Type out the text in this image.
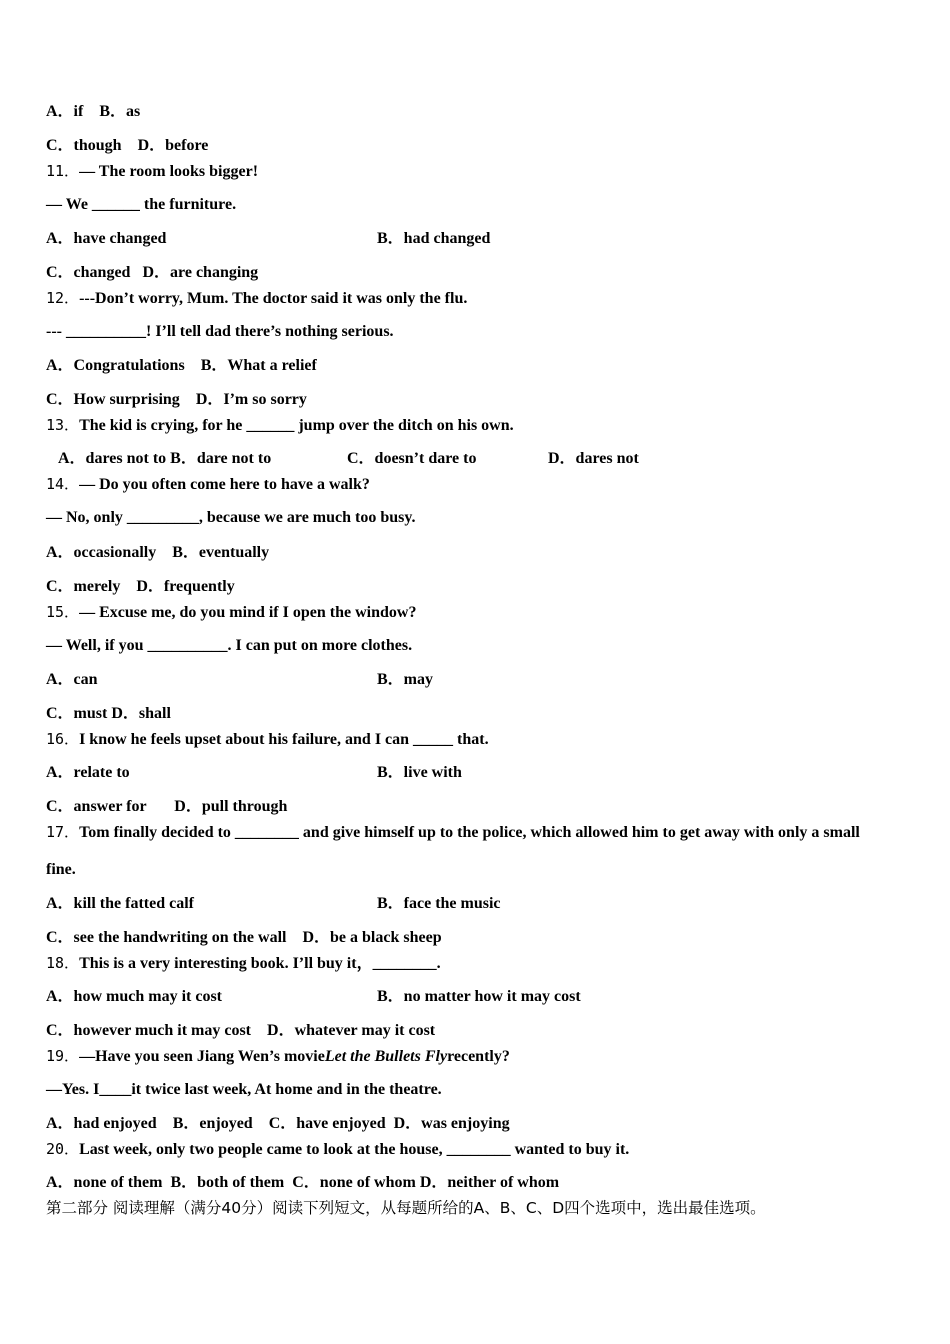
A．if B．as
C．though D．before
11．— The room looks bigger!
— We ______ the furniture.
A．have changed	B．had changed
C．changed D．are changing
12．---Don’t worry, Mum. The doctor said it was only the flu.
--- __________! I’ll tell dad there’s nothing serious.
A．Congratulations B．What a relief
C．How surprising D．I’m so sorry
13．The kid is crying, for he ______ jump over the ditch on his own.
A．dares not to B．dare not to	C．doesn’t dare to	D．dares not
14．— Do you often come here to have a walk?
— No, only _________, because we are much too busy.
A．occasionally B．eventually
C．merely D．frequently
15．— Excuse me, do you mind if I open the window?
— Well, if you __________. I can put on more clothes.
A．can	B．may
C．must D．shall
16．I know he feels upset about his failure, and I can _____ that.
A．relate to	B．live with
C．answer for D．pull through
17．Tom finally decided to ________ and give himself up to the police, which allowed him to get away with only a small
fine.
A．kill the fatted calf	B．face the music
C．see the handwriting on the wall D．be a black sheep
18．This is a very interesting book. I’ll buy it，________.
A．how much may it cost	B．no matter how it may cost
C．however much it may cost D．whatever may it cost
19．—Have you seen Jiang Wen’s movieLet the Bullets Flyrecently?
—Yes. I____it twice last week, At home and in the theatre.
A．had enjoyed B．enjoyed C．have enjoyed D．was enjoying
20．Last week, only two people came to look at the house, ________ wanted to buy it.
A．none of them B．both of them C．none of whom D．neither of whom
第二部分 阅读理解（满分40分）阅读下列短文，从每题所给的A、B、C、D四个选项中，选出最佳选项。
